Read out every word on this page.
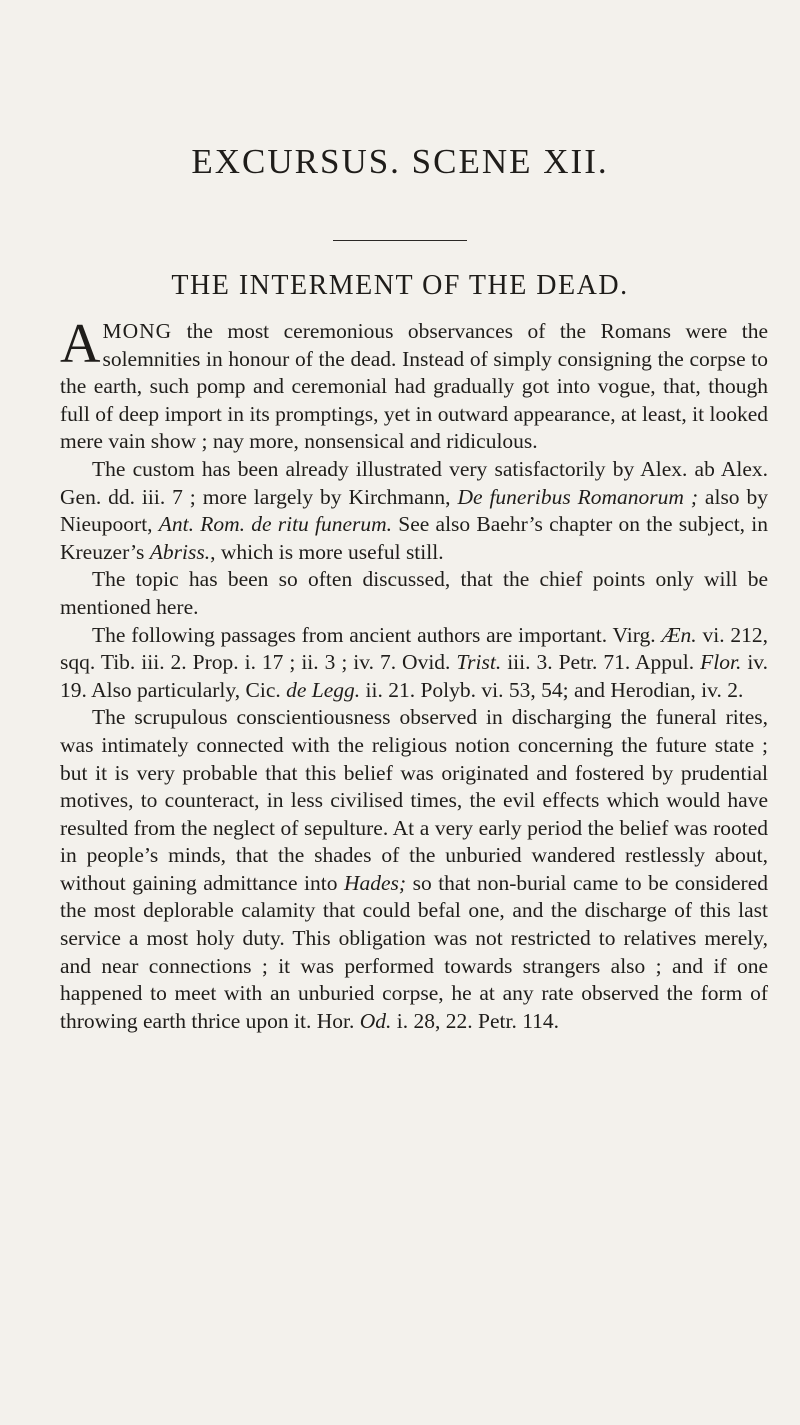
EXCURSUS. SCENE XII.
THE INTERMENT OF THE DEAD.

AMONG the most ceremonious observances of the Romans were the solemnities in honour of the dead. Instead of simply consigning the corpse to the earth, such pomp and ceremonial had gradually got into vogue, that, though full of deep import in its promptings, yet in outward appearance, at least, it looked mere vain show ; nay more, nonsensical and ridiculous.

The custom has been already illustrated very satisfactorily by Alex. ab Alex. Gen. dd. iii. 7 ; more largely by Kirchmann, De funeribus Romanorum ; also by Nieupoort, Ant. Rom. de ritu funerum. See also Baehr’s chapter on the subject, in Kreuzer’s Abriss., which is more useful still.

The topic has been so often discussed, that the chief points only will be mentioned here.

The following passages from ancient authors are important. Virg. Æn. vi. 212, sqq. Tib. iii. 2. Prop. i. 17 ; ii. 3 ; iv. 7. Ovid. Trist. iii. 3. Petr. 71. Appul. Flor. iv. 19. Also particularly, Cic. de Legg. ii. 21. Polyb. vi. 53, 54; and Herodian, iv. 2.

The scrupulous conscientiousness observed in discharging the funeral rites, was intimately connected with the religious notion concerning the future state ; but it is very probable that this belief was originated and fostered by prudential motives, to counteract, in less civilised times, the evil effects which would have resulted from the neglect of sepulture. At a very early period the belief was rooted in people’s minds, that the shades of the unburied wandered restlessly about, without gaining admittance into Hades; so that non-burial came to be considered the most deplorable calamity that could befal one, and the discharge of this last service a most holy duty. This obligation was not restricted to relatives merely, and near connections ; it was performed towards strangers also ; and if one happened to meet with an unburied corpse, he at any rate observed the form of throwing earth thrice upon it. Hor. Od. i. 28, 22. Petr. 114.
